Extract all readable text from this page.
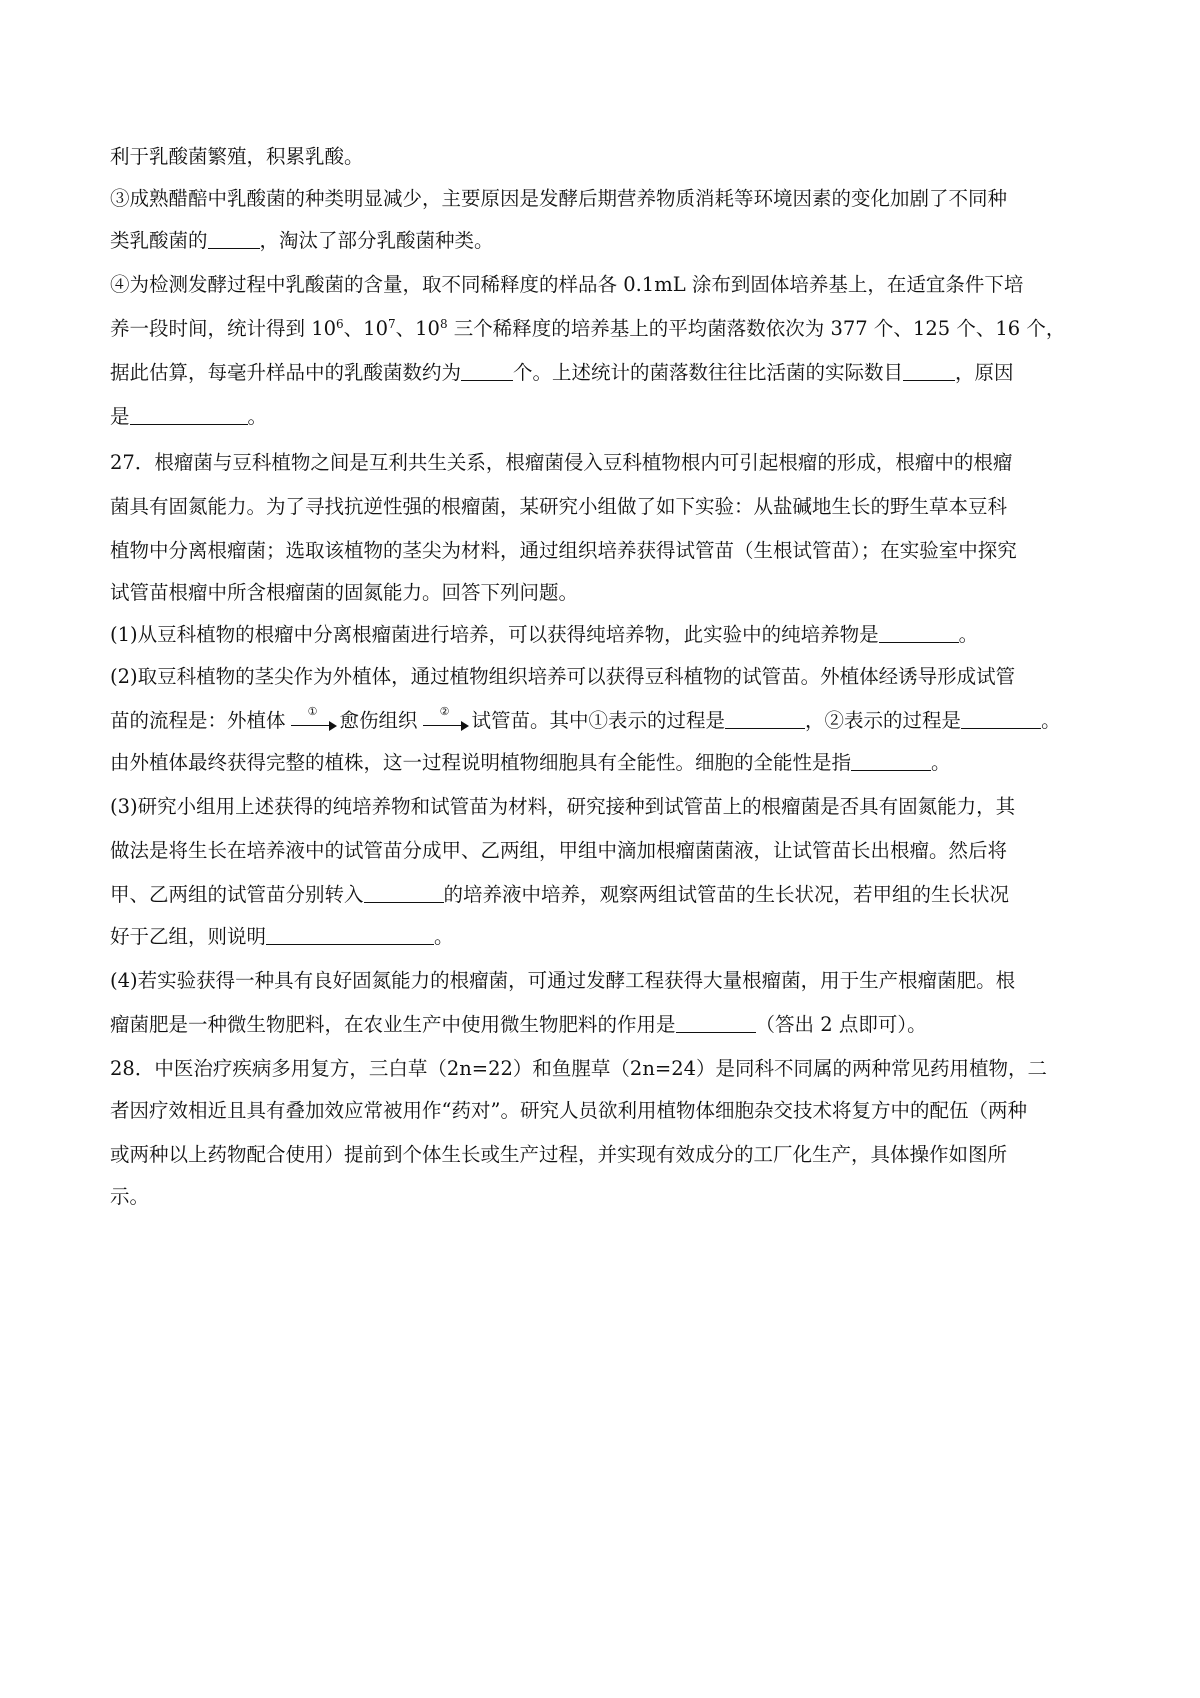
利于乳酸菌繁殖，积累乳酸。
③成熟醋醅中乳酸菌的种类明显减少，主要原因是发酵后期营养物质消耗等环境因素的变化加剧了不同种
类乳酸菌的	，淘汰了部分乳酸菌种类。
④为检测发酵过程中乳酸菌的含量，取不同稀释度的样品各 0.1mL 涂布到固体培养基上，在适宜条件下培
养一段时间，统计得到 $10^6$、$10^7$、$10^8$ 三个稀释度的培养基上的平均菌落数依次为 377 个、125 个、16 个，
据此估算，每毫升样品中的乳酸菌数约为	个。上述统计的菌落数往往比活菌的实际数目	，原因
是	。
27．根瘤菌与豆科植物之间是互利共生关系，根瘤菌侵入豆科植物根内可引起根瘤的形成，根瘤中的根瘤
菌具有固氮能力。为了寻找抗逆性强的根瘤菌，某研究小组做了如下实验：从盐碱地生长的野生草本豆科
植物中分离根瘤菌；选取该植物的茎尖为材料，通过组织培养获得试管苗（生根试管苗）；在实验室中探究
试管苗根瘤中所含根瘤菌的固氮能力。回答下列问题。
(1)从豆科植物的根瘤中分离根瘤菌进行培养，可以获得纯培养物，此实验中的纯培养物是	。
(2)取豆科植物的茎尖作为外植体，通过植物组织培养可以获得豆科植物的试管苗。外植体经诱导形成试管
苗的流程是：外植体	①	愈伤组织	②	试管苗。其中①表示的过程是	，②表示的过程是	。
由外植体最终获得完整的植株，这一过程说明植物细胞具有全能性。细胞的全能性是指	。
(3)研究小组用上述获得的纯培养物和试管苗为材料，研究接种到试管苗上的根瘤菌是否具有固氮能力，其
做法是将生长在培养液中的试管苗分成甲、乙两组，甲组中滴加根瘤菌菌液，让试管苗长出根瘤。然后将
甲、乙两组的试管苗分别转入	的培养液中培养，观察两组试管苗的生长状况，若甲组的生长状况
好于乙组，则说明	。
(4)若实验获得一种具有良好固氮能力的根瘤菌，可通过发酵工程获得大量根瘤菌，用于生产根瘤菌肥。根
瘤菌肥是一种微生物肥料，在农业生产中使用微生物肥料的作用是	（答出 2 点即可）。
28．中医治疗疾病多用复方，三白草（2n=22）和鱼腥草（2n=24）是同科不同属的两种常见药用植物，二
者因疗效相近且具有叠加效应常被用作“药对”。研究人员欲利用植物体细胞杂交技术将复方中的配伍（两种
或两种以上药物配合使用）提前到个体生长或生产过程，并实现有效成分的工厂化生产，具体操作如图所
示。
